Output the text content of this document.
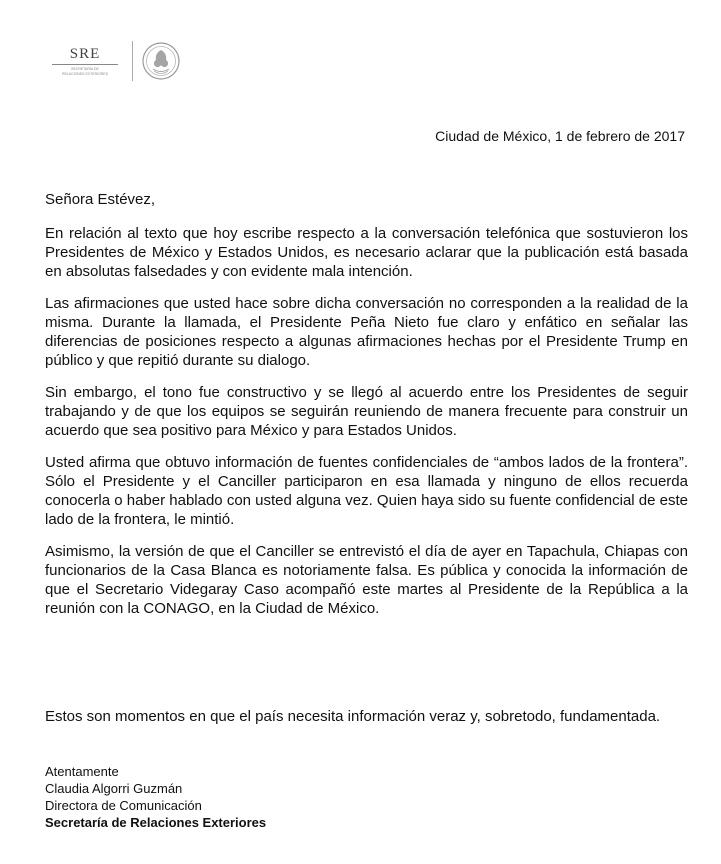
SRE
SECRETARÍA DE
RELACIONES EXTERIORES
Ciudad de México, 1 de febrero de 2017

Señora Estévez,

En relación al texto que hoy escribe respecto a la conversación telefónica que sostuvieron los Presidentes de México y Estados Unidos, es necesario aclarar que la publicación está basada en absolutas falsedades y con evidente mala intención.

Las afirmaciones que usted hace sobre dicha conversación no corresponden a la realidad de la misma. Durante la llamada, el Presidente Peña Nieto fue claro y enfático en señalar las diferencias de posiciones respecto a algunas afirmaciones hechas por el Presidente Trump en público y que repitió durante su dialogo.

Sin embargo, el tono fue constructivo y se llegó al acuerdo entre los Presidentes de seguir trabajando y de que los equipos se seguirán reuniendo de manera frecuente para construir un acuerdo que sea positivo para México y para Estados Unidos.

Usted afirma que obtuvo información de fuentes confidenciales de “ambos lados de la frontera”. Sólo el Presidente y el Canciller participaron en esa llamada y ninguno de ellos recuerda conocerla o haber hablado con usted alguna vez. Quien haya sido su fuente confidencial de este lado de la frontera, le mintió.

Asimismo, la versión de que el Canciller se entrevistó el día de ayer en Tapachula, Chiapas con funcionarios de la Casa Blanca es notoriamente falsa. Es pública y conocida la información de que el Secretario Videgaray Caso acompañó este martes al Presidente de la República a la reunión con la CONAGO, en la Ciudad de México.

Estos son momentos en que el país necesita información veraz y, sobretodo, fundamentada.

Atentamente
Claudia Algorri Guzmán
Directora de Comunicación
Secretaría de Relaciones Exteriores
